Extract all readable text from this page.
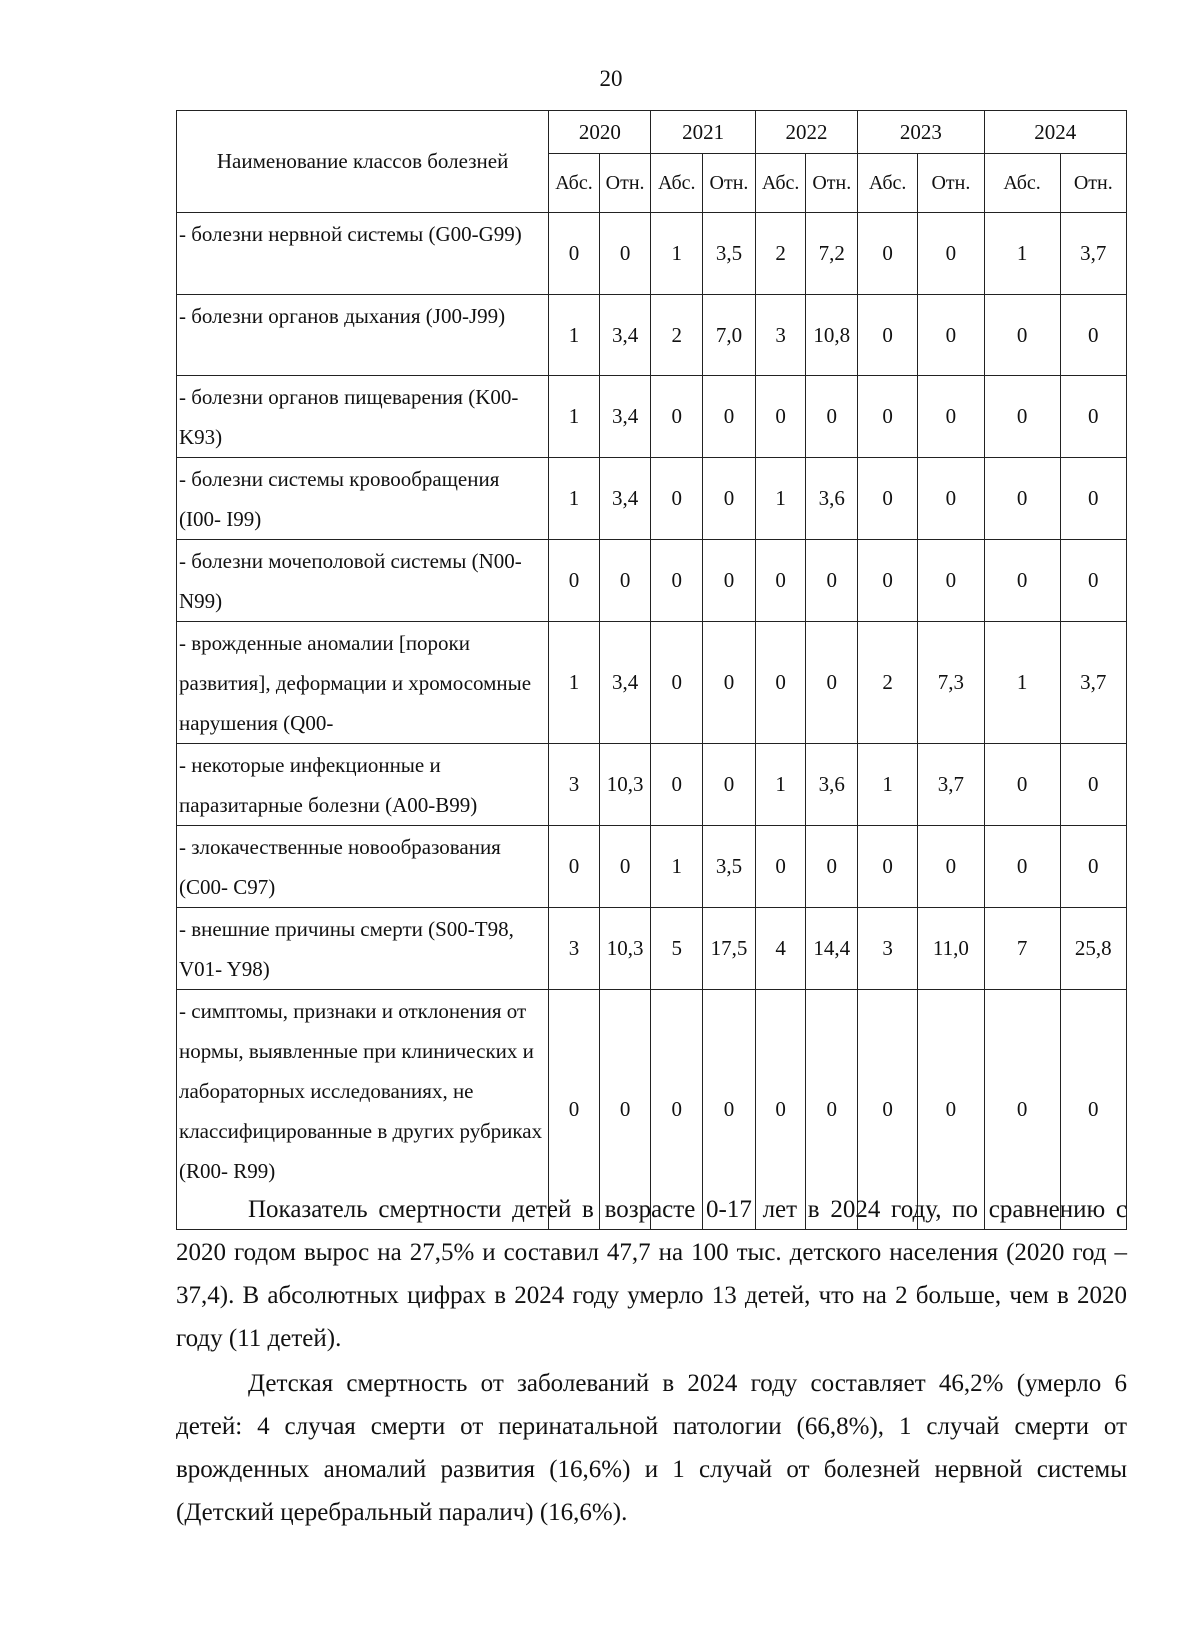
20
Наименование классов болезней	2020		2021		2022		2023		2024	
	Абс.	Отн.	Абс.	Отн.	Абс.	Отн.	Абс.	Отн.	Абс.	Отн.
- болезни нервной системы (G00-G99)	0	0	1	3,5	2	7,2	0	0	1	3,7
- болезни органов дыхания (J00-J99)	1	3,4	2	7,0	3	10,8	0	0	0	0
- болезни органов пищеварения (K00- K93)	1	3,4	0	0	0	0	0	0	0	0
- болезни системы кровообращения (I00- I99)	1	3,4	0	0	1	3,6	0	0	0	0
- болезни мочеполовой системы (N00-N99)	0	0	0	0	0	0	0	0	0	0
- врожденные аномалии [пороки развития], деформации и хромосомные нарушения (Q00-	1	3,4	0	0	0	0	2	7,3	1	3,7
- некоторые инфекционные и паразитарные болезни (A00-B99)	3	10,3	0	0	1	3,6	1	3,7	0	0
- злокачественные новообразования (C00- C97)	0	0	1	3,5	0	0	0	0	0	0
- внешние причины смерти (S00-T98, V01- Y98)	3	10,3	5	17,5	4	14,4	3	11,0	7	25,8
- симптомы, признаки и отклонения от нормы, выявленные при клинических и лабораторных исследованиях, не классифицированные в других рубриках (R00- R99)	0	0	0	0	0	0	0	0	0	0

Показатель смертности детей в возрасте 0-17 лет в 2024 году, по сравнению с 2020 годом вырос на 27,5% и составил 47,7 на 100 тыс. детского населения (2020 год – 37,4). В абсолютных цифрах в 2024 году умерло 13 детей, что на 2 больше, чем в 2020 году (11 детей).

Детская смертность от заболеваний в 2024 году составляет 46,2% (умерло 6 детей: 4 случая смерти от перинатальной патологии (66,8%), 1 случай смерти от врожденных аномалий развития (16,6%) и 1 случай от болезней нервной системы (Детский церебральный паралич) (16,6%).
